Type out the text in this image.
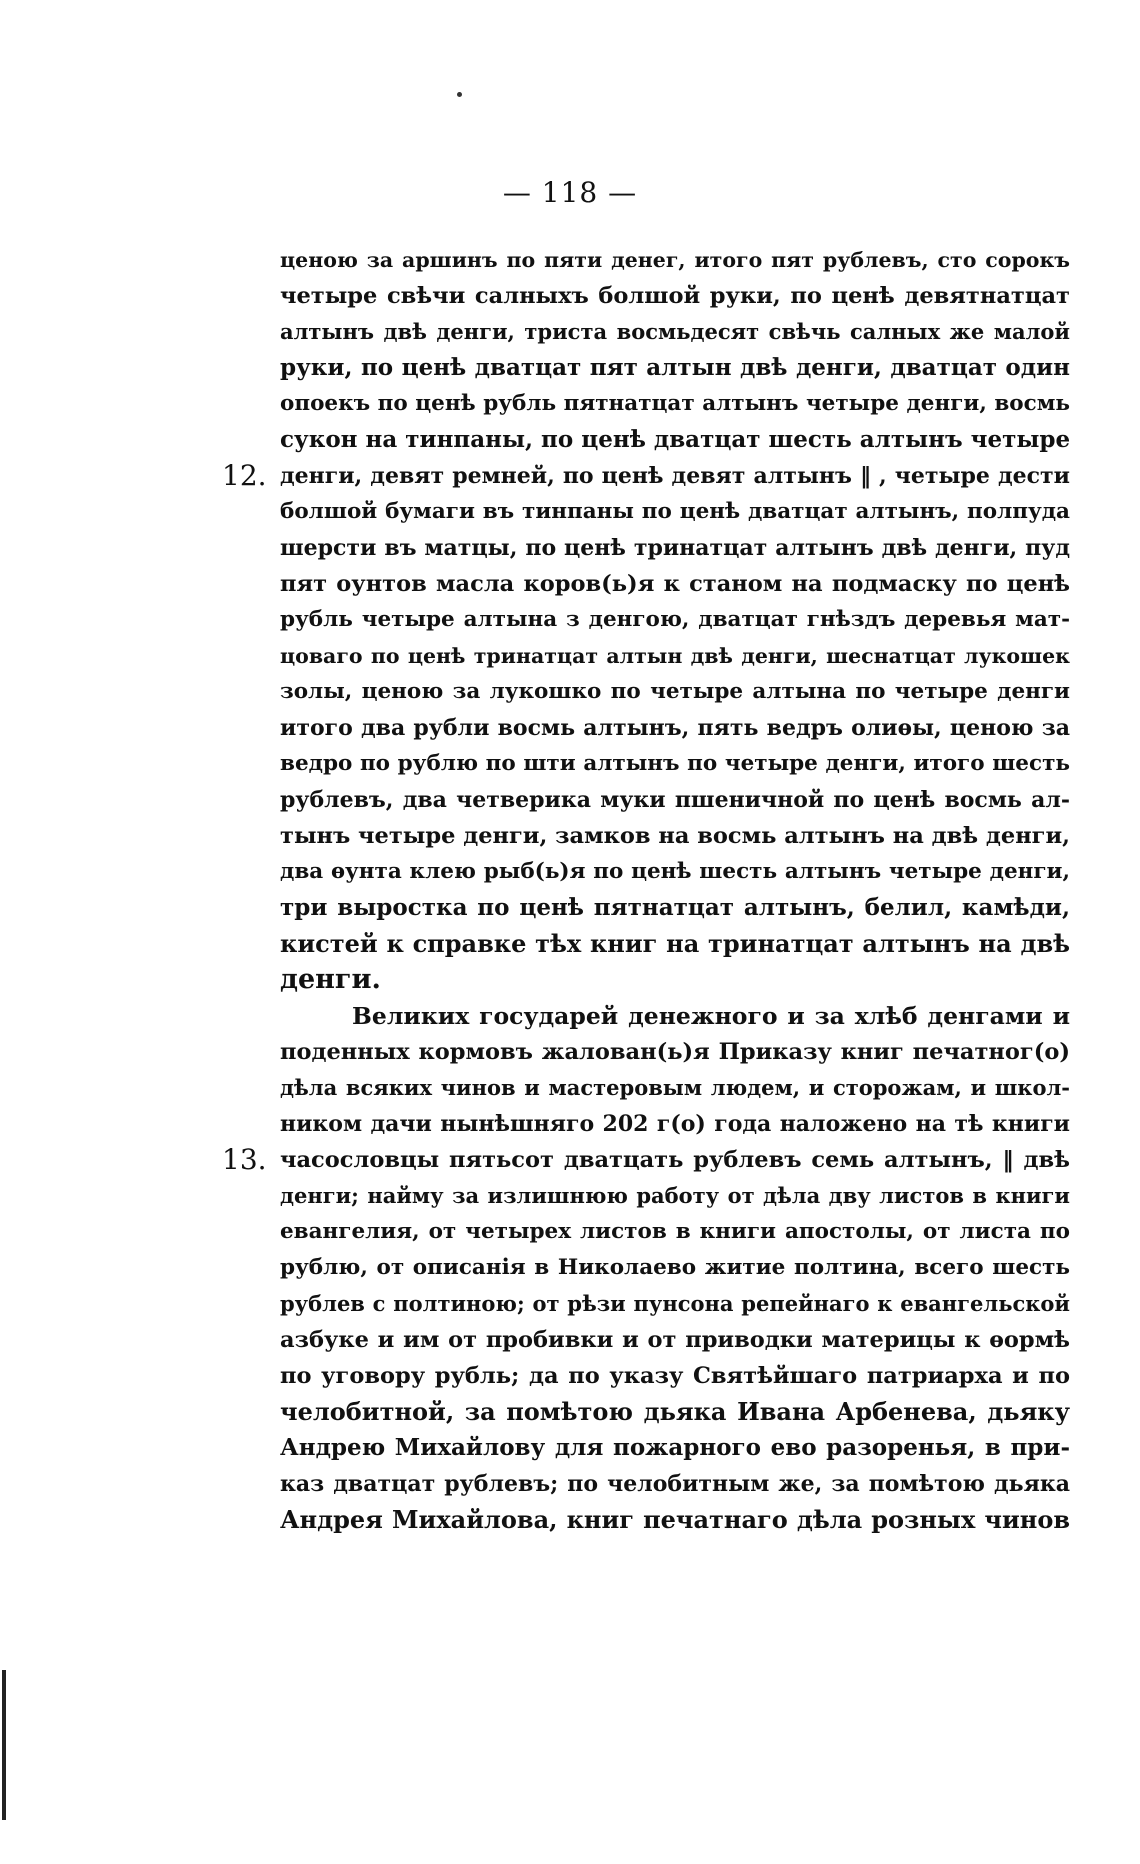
— 118 —
12.
13.
ценою за аршинъ по пяти денег, итого пят рублевъ, сто сорокъ
четыре свѣчи салныхъ болшой руки, по ценѣ девятнатцат
алтынъ двѣ денги, триста восмьдесят свѣчь салных же малой
руки, по ценѣ дватцат пят алтын двѣ денги, дватцат один
опоекъ по ценѣ рубль пятнатцат алтынъ четыре денги, восмь
сукон на тинпаны, по ценѣ дватцат шесть алтынъ четыре
денги, девят ремней, по ценѣ девят алтынъ ‖ , четыре дести
болшой бумаги въ тинпаны по ценѣ дватцат алтынъ, полпуда
шерсти въ матцы, по ценѣ тринатцат алтынъ двѣ денги, пуд
пят оунтов масла коров(ь)я к станом на подмаску по ценѣ
рубль четыре алтына з денгою, дватцат гнѣздъ деревья мат-
цоваго по ценѣ тринатцат алтын двѣ денги, шеснатцат лукошек
золы, ценою за лукошко по четыре алтына по четыре денги
итого два рубли восмь алтынъ, пять ведръ олиѳы, ценою за
ведро по рублю по шти алтынъ по четыре денги, итого шесть
рублевъ, два четверика муки пшеничной по ценѣ восмь ал-
тынъ четыре денги, замков на восмь алтынъ на двѣ денги,
два ѳунта клею рыб(ь)я по ценѣ шесть алтынъ четыре денги,
три выростка по ценѣ пятнатцат алтынъ, белил, камѣди,
кистей к справке тѣх книг на тринатцат алтынъ на двѣ
денги.
Великих государей денежного и за хлѣб денгами и
поденных кормовъ жалован(ь)я Приказу книг печатног(о)
дѣла всяких чинов и мастеровым людем, и сторожам, и школ-
ником дачи нынѣшняго 202 г(о) года наложено на тѣ книги
часословцы пятьсот дватцать рублевъ семь алтынъ, ‖ двѣ
денги; найму за излишнюю работу от дѣла дву листов в книги
евангелия, от четырех листов в книги апостолы, от листа по
рублю, от описанія в Николаево житие полтина, всего шесть
рублев с полтиною; от рѣзи пунсона репейнаго к евангельской
азбуке и им от пробивки и от приводки материцы к ѳормѣ
по уговору рубль; да по указу Святѣйшаго патриарха и по
челобитной, за помѣтою дьяка Ивана Арбенева, дьяку
Андрею Михайлову для пожарного ево разоренья, в при-
каз дватцат рублевъ; по челобитным же, за помѣтою дьяка
Андрея Михайлова, книг печатнаго дѣла розных чинов
